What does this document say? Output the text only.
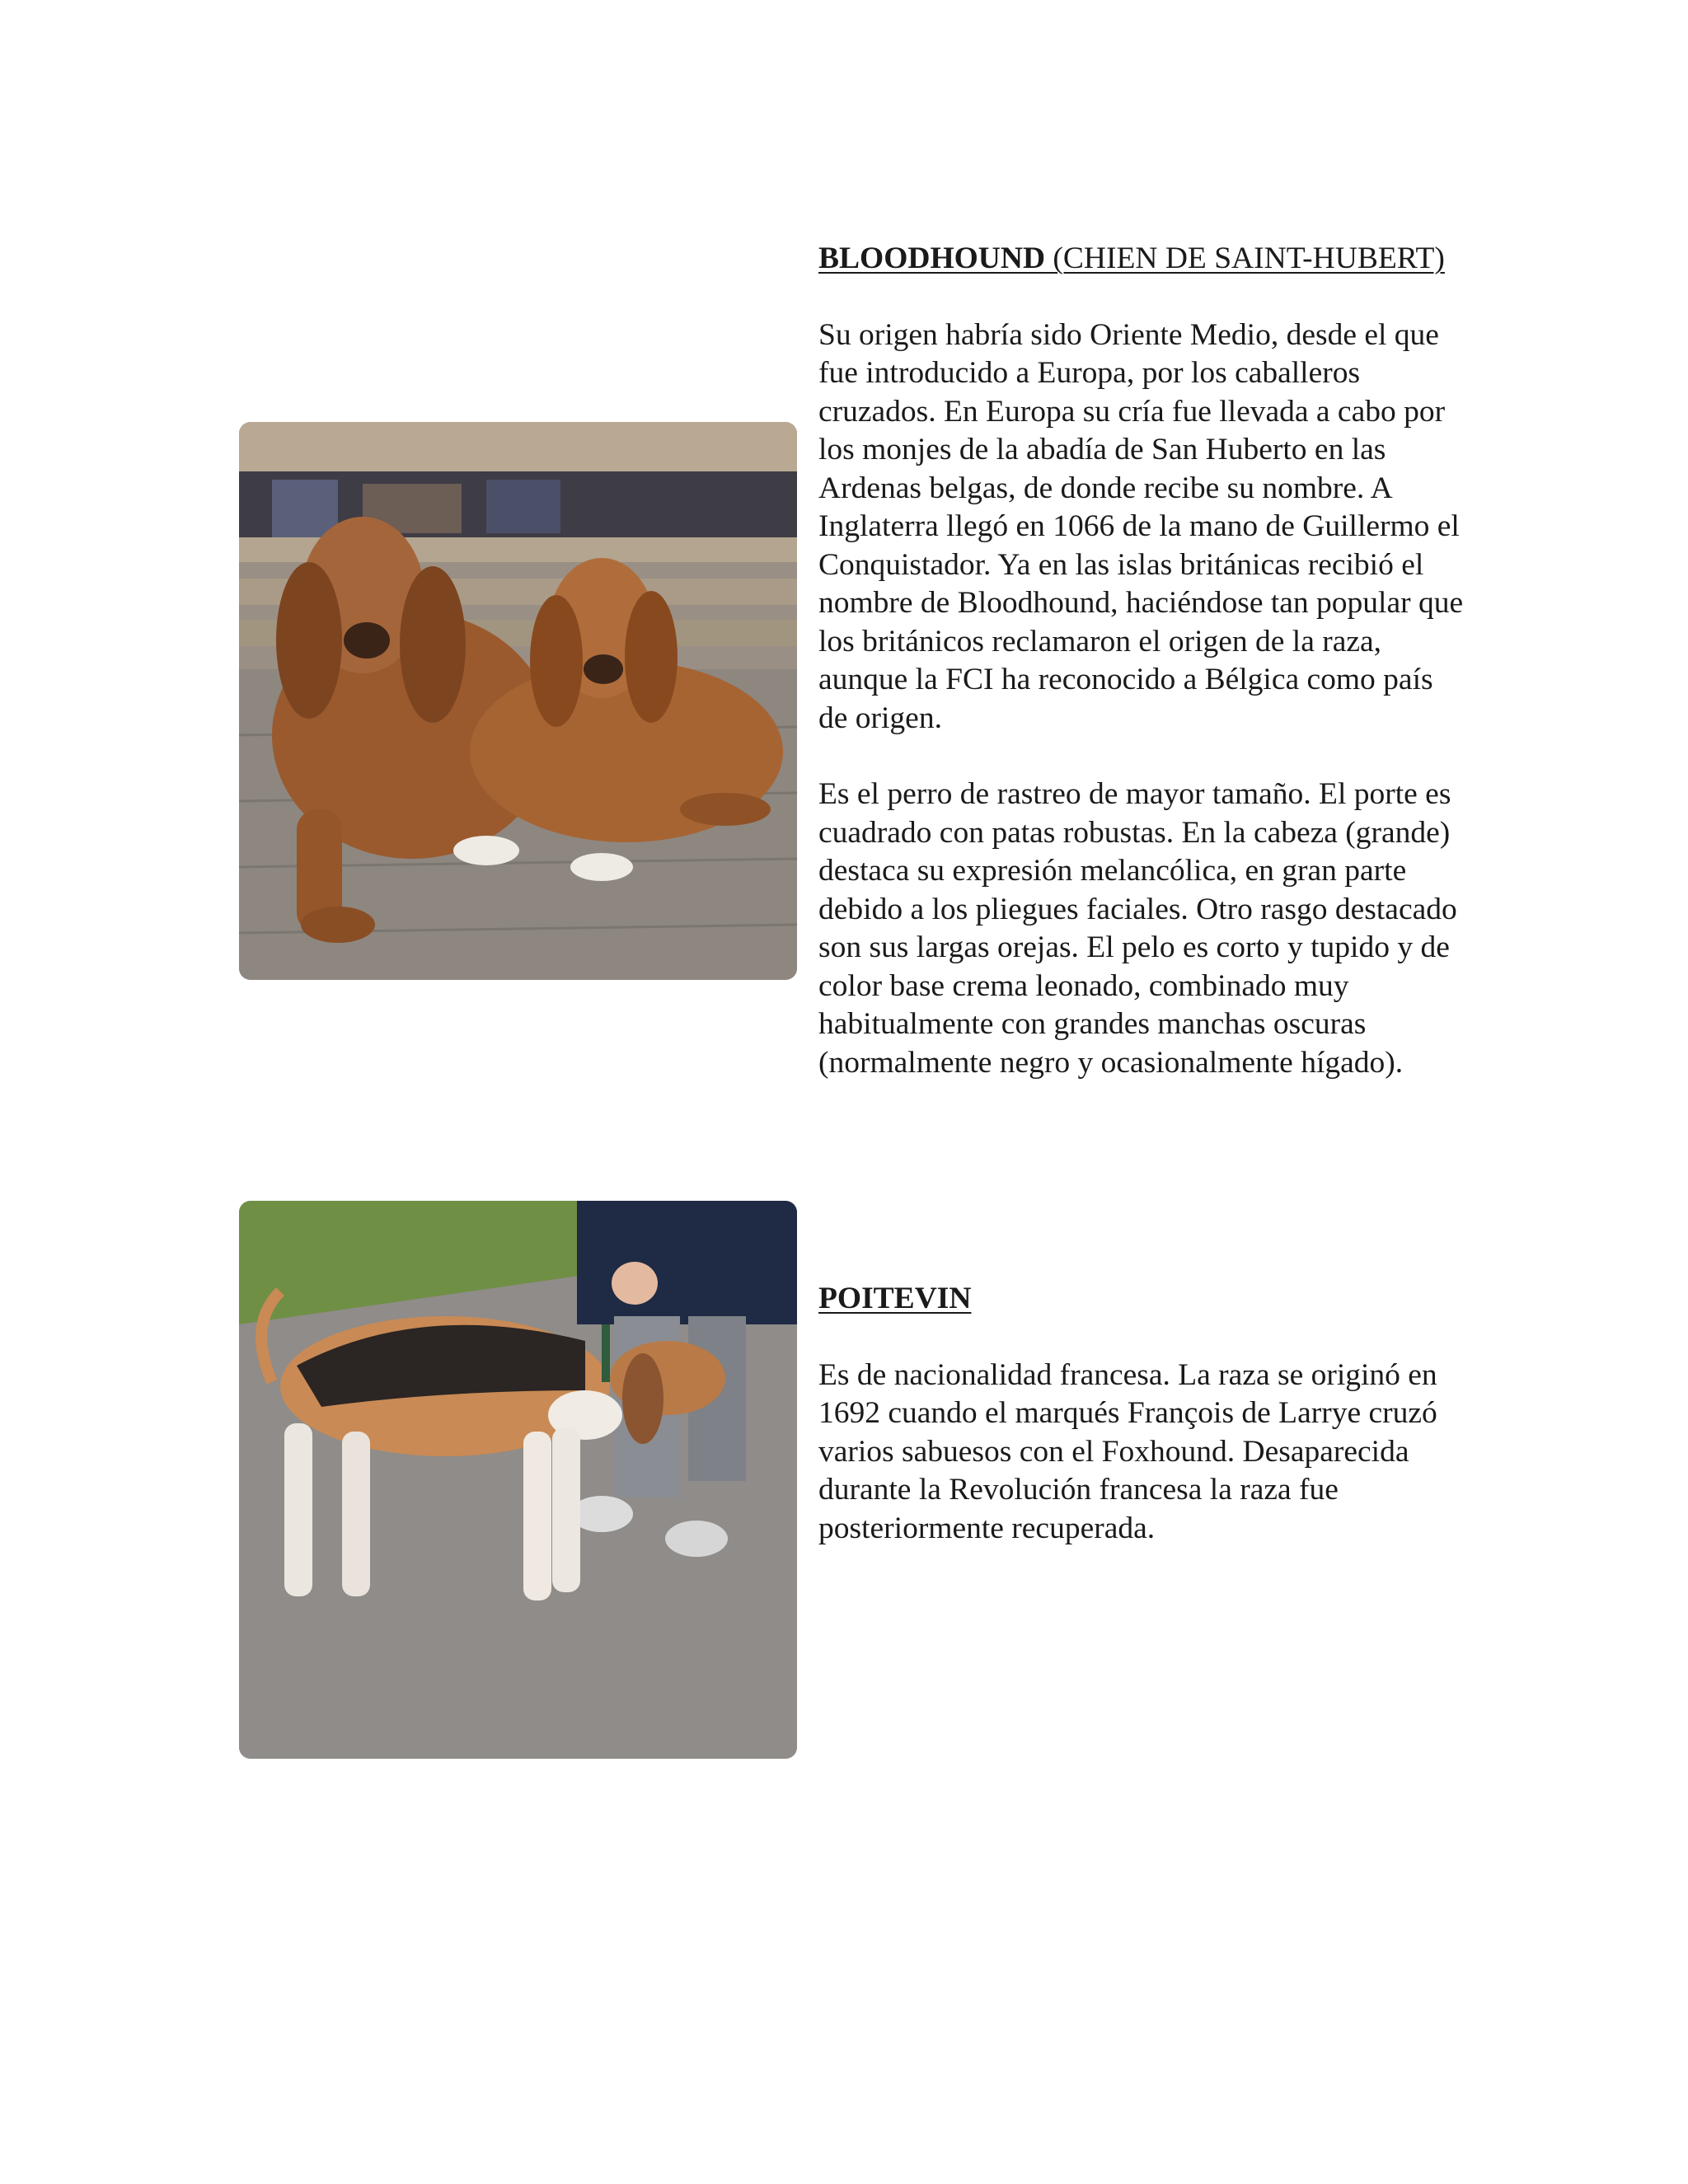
BLOODHOUND (CHIEN DE SAINT-HUBERT)

Su origen habría sido Oriente Medio, desde el que fue introducido a Europa, por los caballeros cruzados. En Europa su cría fue llevada a cabo por los monjes de la abadía de San Huberto en las Ardenas belgas, de donde recibe su nombre. A Inglaterra llegó en 1066 de la mano de Guillermo el Conquistador. Ya en las islas británicas recibió el nombre de Bloodhound, haciéndose tan popular que los británicos reclamaron el origen de la raza, aunque la FCI ha reconocido a Bélgica como país de origen.

Es el perro de rastreo de mayor tamaño. El porte es cuadrado con patas robustas. En la cabeza (grande) destaca su expresión melancólica, en gran parte debido a los pliegues faciales. Otro rasgo destacado son sus largas orejas. El pelo es corto y tupido y de color base crema leonado, combinado muy habitualmente con grandes manchas oscuras (normalmente negro y ocasionalmente hígado).

POITEVIN

Es de nacionalidad francesa. La raza se originó en 1692 cuando el marqués François de Larrye cruzó varios sabuesos con el Foxhound. Desaparecida durante la Revolución francesa la raza fue posteriormente recuperada.
